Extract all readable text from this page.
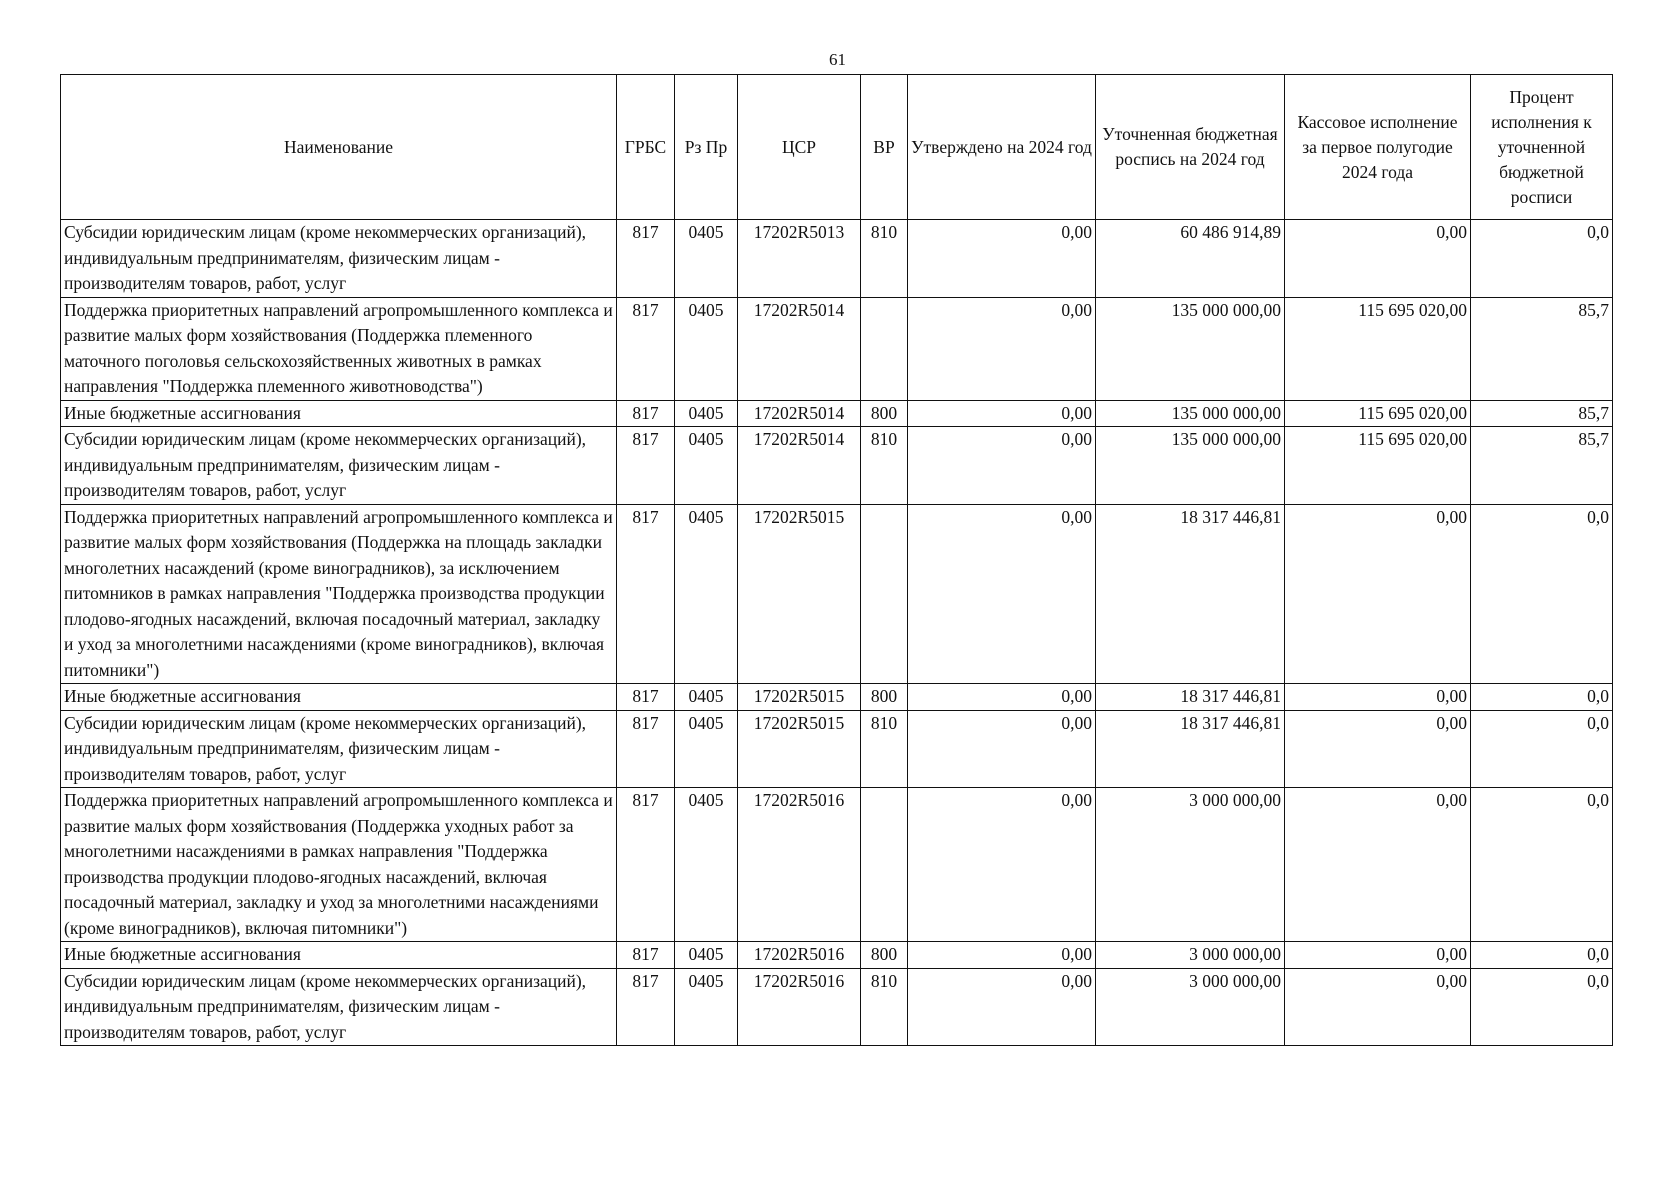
61
Наименование	ГРБС	Рз Пр	ЦСР	ВР	Утверждено на 2024 год	Уточненная бюджетная роспись на 2024 год	Кассовое исполнение за первое полугодие 2024 года	Процент исполнения к уточненной бюджетной росписи
Субсидии юридическим лицам (кроме некоммерческих организаций), индивидуальным предпринимателям, физическим лицам - производителям товаров, работ, услуг	817	0405	17202R5013	810	0,00	60 486 914,89	0,00	0,0
Поддержка приоритетных направлений агропромышленного комплекса и развитие малых форм хозяйствования (Поддержка племенного маточного поголовья сельскохозяйственных животных в рамках направления "Поддержка племенного животноводства")	817	0405	17202R5014		0,00	135 000 000,00	115 695 020,00	85,7
Иные бюджетные ассигнования	817	0405	17202R5014	800	0,00	135 000 000,00	115 695 020,00	85,7
Субсидии юридическим лицам (кроме некоммерческих организаций), индивидуальным предпринимателям, физическим лицам - производителям товаров, работ, услуг	817	0405	17202R5014	810	0,00	135 000 000,00	115 695 020,00	85,7
Поддержка приоритетных направлений агропромышленного комплекса и развитие малых форм хозяйствования (Поддержка на площадь закладки многолетних насаждений (кроме виноградников), за исключением питомников в рамках направления "Поддержка производства продукции плодово-ягодных насаждений, включая посадочный материал, закладку и уход за многолетними насаждениями (кроме виноградников), включая питомники")	817	0405	17202R5015		0,00	18 317 446,81	0,00	0,0
Иные бюджетные ассигнования	817	0405	17202R5015	800	0,00	18 317 446,81	0,00	0,0
Субсидии юридическим лицам (кроме некоммерческих организаций), индивидуальным предпринимателям, физическим лицам - производителям товаров, работ, услуг	817	0405	17202R5015	810	0,00	18 317 446,81	0,00	0,0
Поддержка приоритетных направлений агропромышленного комплекса и развитие малых форм хозяйствования (Поддержка уходных работ за многолетними насаждениями в рамках направления "Поддержка производства продукции плодово-ягодных насаждений, включая посадочный материал, закладку и уход за многолетними насаждениями (кроме виноградников), включая питомники")	817	0405	17202R5016		0,00	3 000 000,00	0,00	0,0
Иные бюджетные ассигнования	817	0405	17202R5016	800	0,00	3 000 000,00	0,00	0,0
Субсидии юридическим лицам (кроме некоммерческих организаций), индивидуальным предпринимателям, физическим лицам - производителям товаров, работ, услуг	817	0405	17202R5016	810	0,00	3 000 000,00	0,00	0,0
